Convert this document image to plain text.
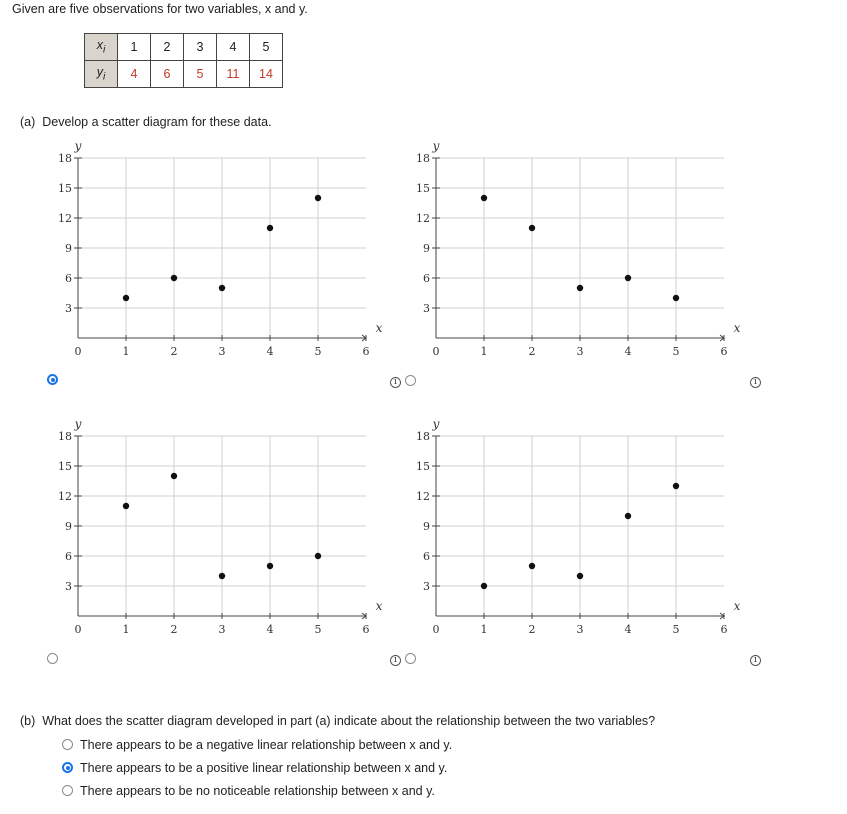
Given are five observations for two variables, x and y.
$x_i$	1	2	3	4	5
$y_i$	4	6	5	11	14
(a) Develop a scatter diagram for these data.
3
6
9
12
15
18
0	1	2	3	4	5	6
y
x
3
6
9
12
15
18
0	1	2	3	4	5	6
y
x
3
6
9
12
15
18
0	1	2	3	4	5	6
y
x
3
6
9
12
15
18
0	1	2	3	4	5	6
y
x
i	i
i	i
(b) What does the scatter diagram developed in part (a) indicate about the relationship between the two variables?
There appears to be a negative linear relationship between x and y.
There appears to be a positive linear relationship between x and y.
There appears to be no noticeable relationship between x and y.
